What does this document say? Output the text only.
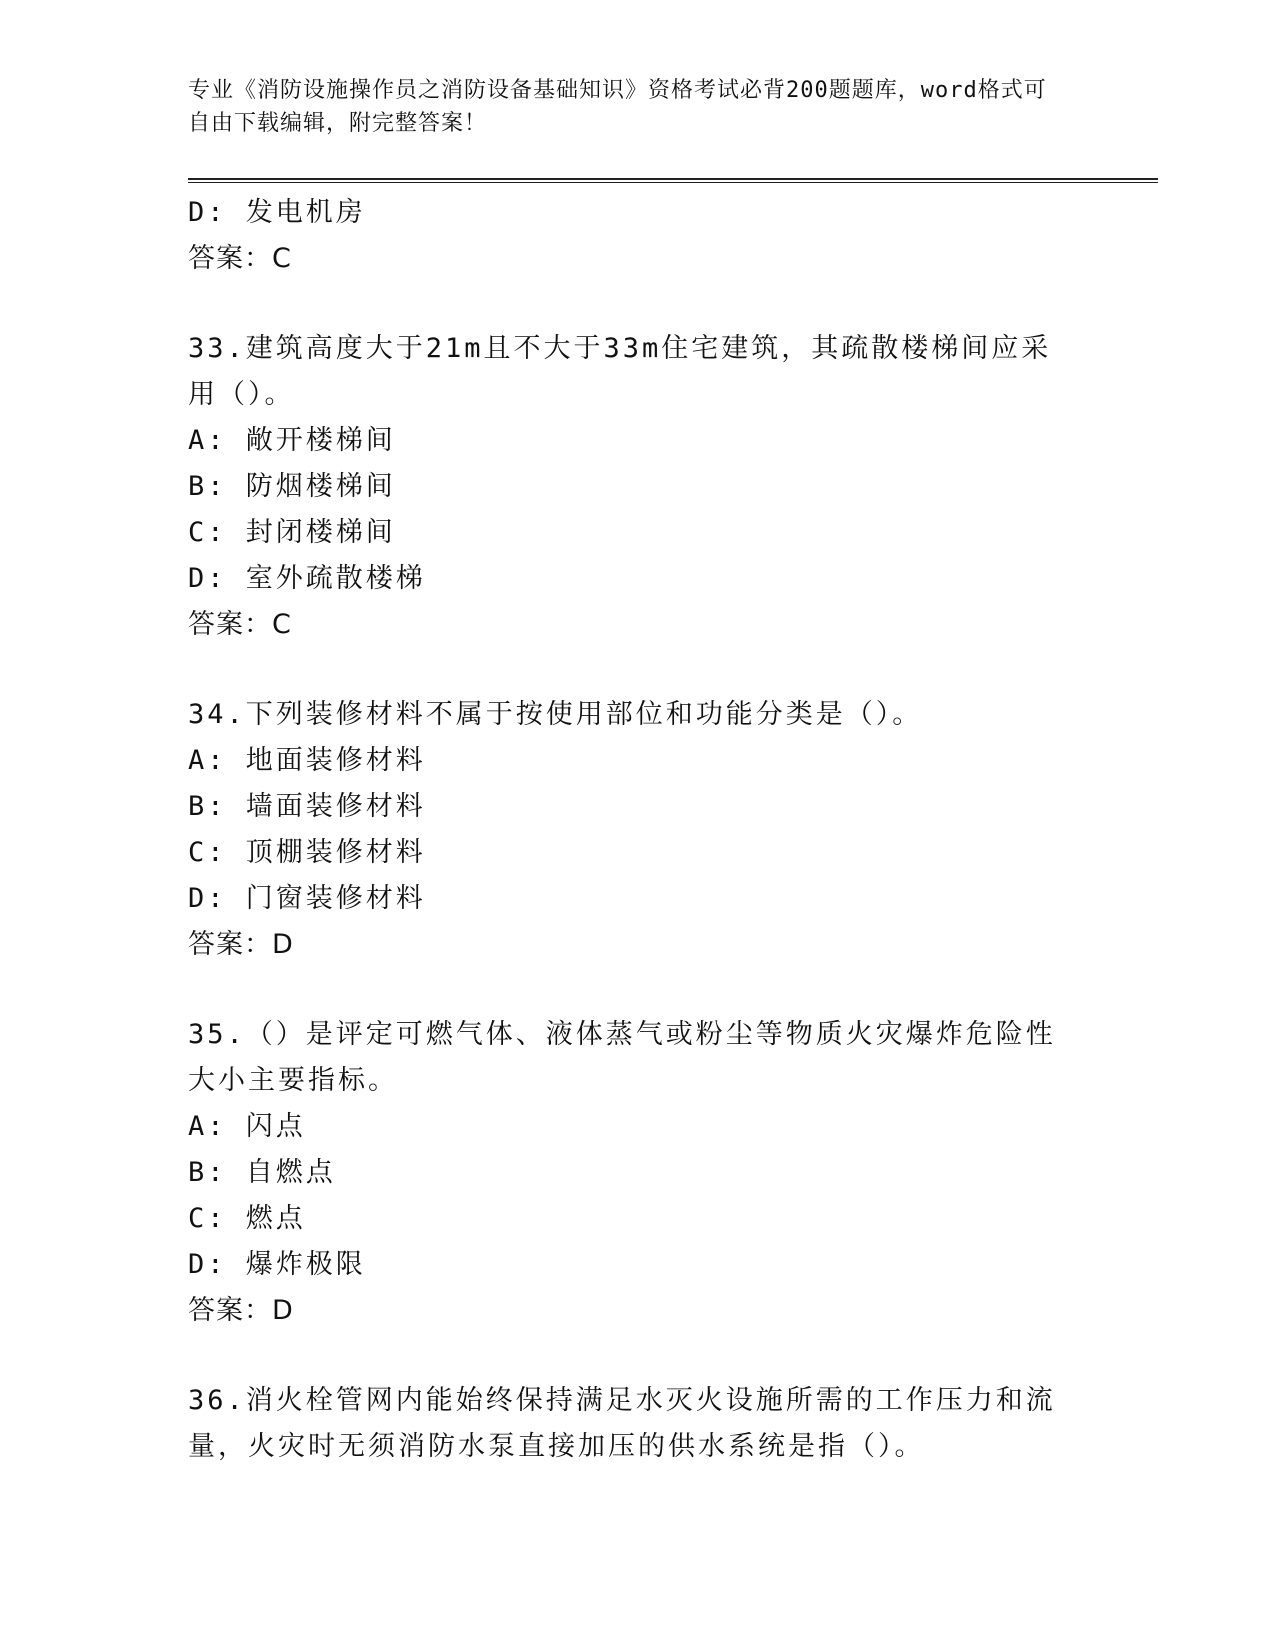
专业《消防设施操作员之消防设备基础知识》资格考试必背200题题库，word格式可自由下载编辑，附完整答案！
D: 发电机房
答案：C
33.建筑高度大于21m且不大于33m住宅建筑，其疏散楼梯间应采用（）。
A: 敞开楼梯间
B: 防烟楼梯间
C: 封闭楼梯间
D: 室外疏散楼梯
答案：C
34.下列装修材料不属于按使用部位和功能分类是（）。
A: 地面装修材料
B: 墙面装修材料
C: 顶棚装修材料
D: 门窗装修材料
答案：D
35.（）是评定可燃气体、液体蒸气或粉尘等物质火灾爆炸危险性大小主要指标。
A: 闪点
B: 自燃点
C: 燃点
D: 爆炸极限
答案：D
36.消火栓管网内能始终保持满足水灭火设施所需的工作压力和流量，火灾时无须消防水泵直接加压的供水系统是指（）。
